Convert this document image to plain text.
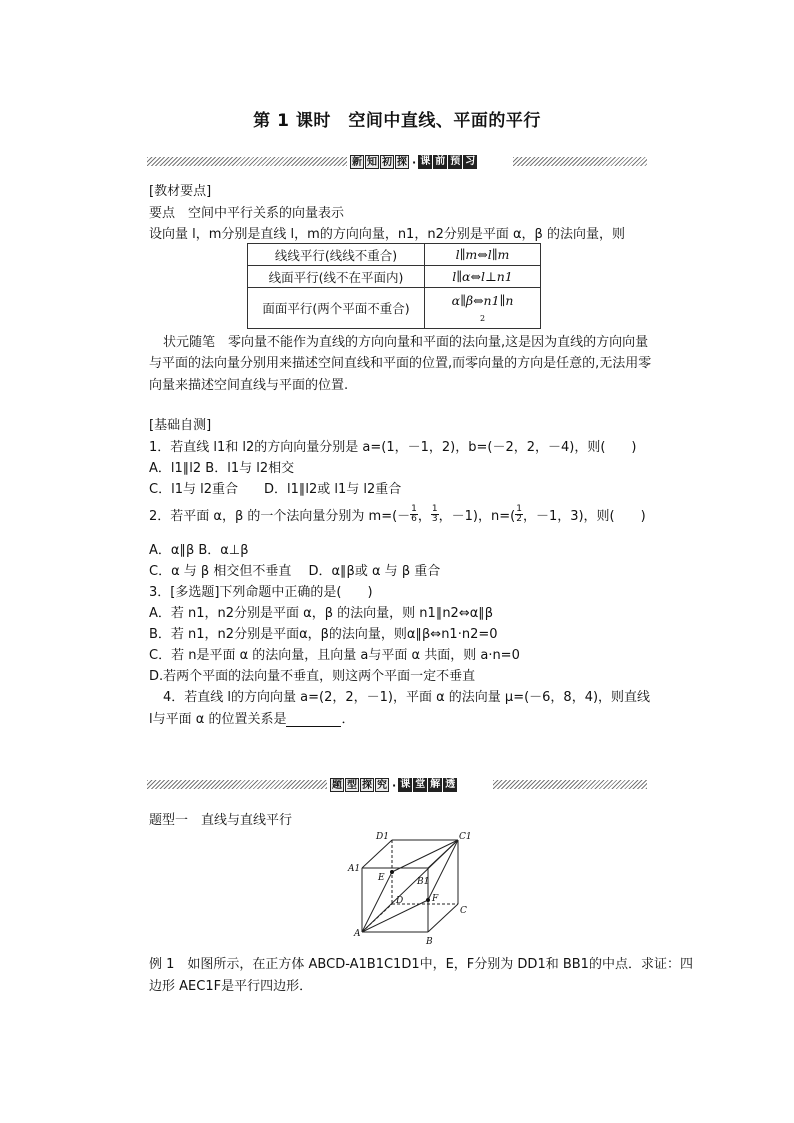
第 1 课时　空间中直线、平面的平行
新 知 初 探 · 课 前 预 习
[教材要点]
要点　空间中平行关系的向量表示
设向量 l，m分别是直线 l，m的方向向量，n1，n2分别是平面 α，β 的法向量，则
线线平行(线线不重合)	l∥m⇔l∥m
线面平行(线不在平面内)	l∥α⇔l⊥n1
面面平行(两个平面不重合)	α∥β⇔n1∥n
2
状元随笔　零向量不能作为直线的方向向量和平面的法向量,这是因为直线的方向向量
与平面的法向量分别用来描述空间直线和平面的位置,而零向量的方向是任意的,无法用零
向量来描述空间直线与平面的位置.
[基础自测]
1．若直线 l1和 l2的方向向量分别是 a=(1，－1，2)，b=(－2，2，－4)，则(　　)
A．l1∥l2 B．l1与 l2相交
C．l1与 l2重合　　D．l1∥l2或 l1与 l2重合
2．若平面 α，β 的一个法向量分别为 $m=(- \frac{1}{6}$ ， $\frac{1}{3}$ ，－1)，$n=( \frac{1}{2}$ ，－1，3)，则(　　)
A．α∥β B．α⊥β
C．α 与 β 相交但不垂直　 D．α∥β或 α 与 β 重合
3．[多选题]下列命题中正确的是(　　)
A．若 n1，n2分别是平面 α，β 的法向量，则 n1∥n2⇔α∥β
B．若 n1，n2分别是平面α，β的法向量，则α∥β⇔n1·n2=0
C．若 n是平面 α 的法向量，且向量 a与平面 α 共面，则 a·n=0
D.若两个平面的法向量不垂直，则这两个平面一定不垂直
4．若直线 l的方向向量 a=(2，2，－1)，平面 α 的法向量 μ=(－6，8，4)，则直线
l与平面 α 的位置关系是	．
题 型 探 究 · 课 堂 解 透
题型一　直线与直线平行
D1	C1
A1
B1
E
F
D
C
A
B
例 1　如图所示，在正方体 ABCD-A1B1C1D1中，E，F分别为 DD1和 BB1的中点．求证：四
边形 AEC1F是平行四边形．
